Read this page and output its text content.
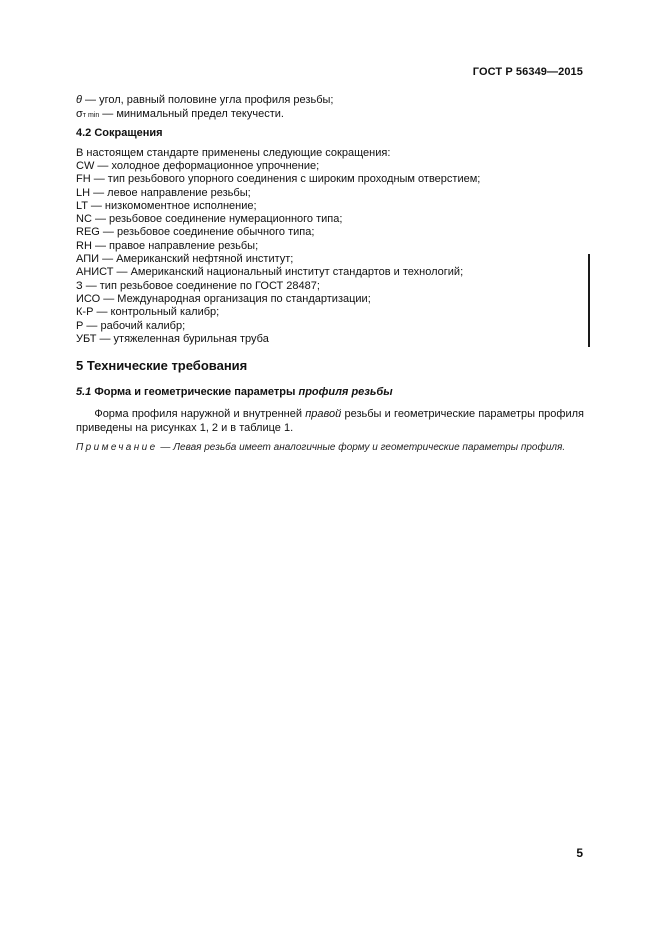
ГОСТ Р 56349—2015
θ — угол, равный половине угла профиля резьбы;
σт min — минимальный предел текучести.
4.2 Сокращения
В настоящем стандарте применены следующие сокращения:
CW — холодное деформационное упрочнение;
FH — тип резьбового упорного соединения с широким проходным отверстием;
LH — левое направление резьбы;
LT — низкомоментное исполнение;
NC — резьбовое соединение нумерационного типа;
REG — резьбовое соединение обычного типа;
RH — правое направление резьбы;
АПИ — Американский нефтяной институт;
АНИСТ — Американский национальный институт стандартов и технологий;
З — тип резьбовое соединение по ГОСТ 28487;
ИСО — Международная организация по стандартизации;
К-Р — контрольный калибр;
Р — рабочий калибр;
УБТ — утяжеленная бурильная труба
5 Технические требования
5.1 Форма и геометрические параметры профиля резьбы
Форма профиля наружной и внутренней правой резьбы и геометрические параметры профиля
приведены на рисунках 1, 2 и в таблице 1.
Примечание — Левая резьба имеет аналогичные форму и геометрические параметры профиля.
5
